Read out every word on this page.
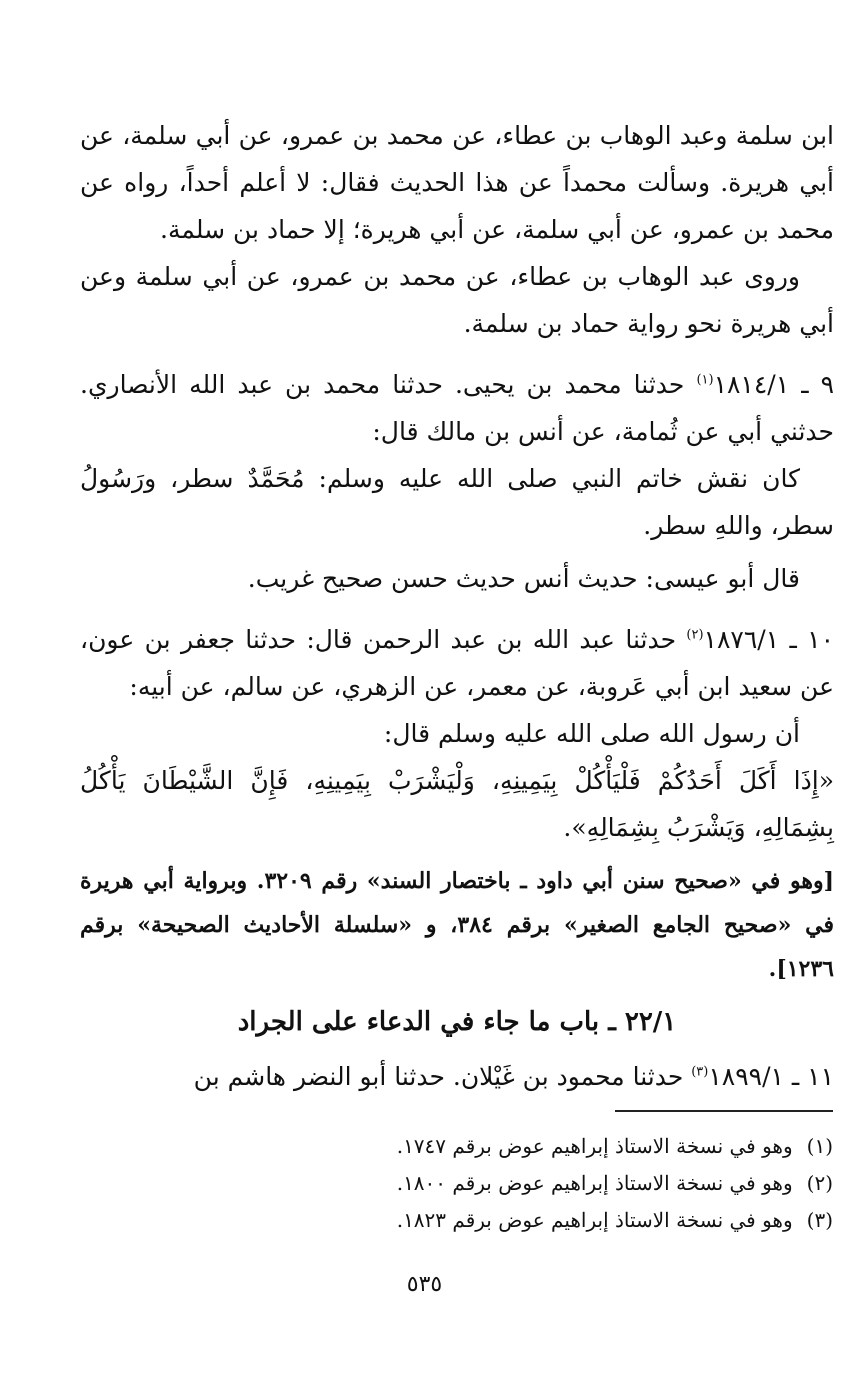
ابن سلمة وعبد الوهاب بن عطاء، عن محمد بن عمرو، عن أبي سلمة، عن أبي هريرة. وسألت محمداً عن هذا الحديث فقال: لا أعلم أحداً، رواه عن محمد بن عمرو، عن أبي سلمة، عن أبي هريرة؛ إلا حماد بن سلمة.

وروى عبد الوهاب بن عطاء، عن محمد بن عمرو، عن أبي سلمة وعن أبي هريرة نحو رواية حماد بن سلمة.

٩ ـ ١٨١٤/١$^{(١)}$ حدثنا محمد بن يحيى. حدثنا محمد بن عبد الله الأنصاري. حدثني أبي عن ثُمامة، عن أنس بن مالك قال:

كان نقش خاتم النبي صلى الله عليه وسلم: مُحَمَّدٌ سطر، ورَسُولُ سطر، واللهِ سطر.

قال أبو عيسى: حديث أنس حديث حسن صحيح غريب.

١٠ ـ ١٨٧٦/١$^{(٢)}$ حدثنا عبد الله بن عبد الرحمن قال: حدثنا جعفر بن عون، عن سعيد ابن أبي عَروبة، عن معمر، عن الزهري، عن سالم، عن أبيه:

أن رسول الله صلى الله عليه وسلم قال:

«إِذَا أَكَلَ أَحَدُكُمْ فَلْيَأْكُلْ بِيَمِينِهِ، وَلْيَشْرَبْ بِيَمِينِهِ، فَإِنَّ الشَّيْطَانَ يَأْكُلُ بِشِمَالِهِ، وَيَشْرَبُ بِشِمَالِهِ».

[وهو في «صحيح سنن أبي داود ـ باختصار السند» رقم ٣٢٠٩. وبرواية أبي هريرة في «صحيح الجامع الصغير» برقم ٣٨٤، و «سلسلة الأحاديث الصحيحة» برقم ١٢٣٦].

٢٢/١ ـ باب ما جاء في الدعاء على الجراد

١١ ـ ١٨٩٩/١$^{(٣)}$ حدثنا محمود بن غَيْلان. حدثنا أبو النضر هاشم بن

(١)وهو في نسخة الاستاذ إبراهيم عوض برقم ١٧٤٧.
(٢)وهو في نسخة الاستاذ إبراهيم عوض برقم ١٨٠٠.
(٣)وهو في نسخة الاستاذ إبراهيم عوض برقم ١٨٢٣.
٥٣٥
